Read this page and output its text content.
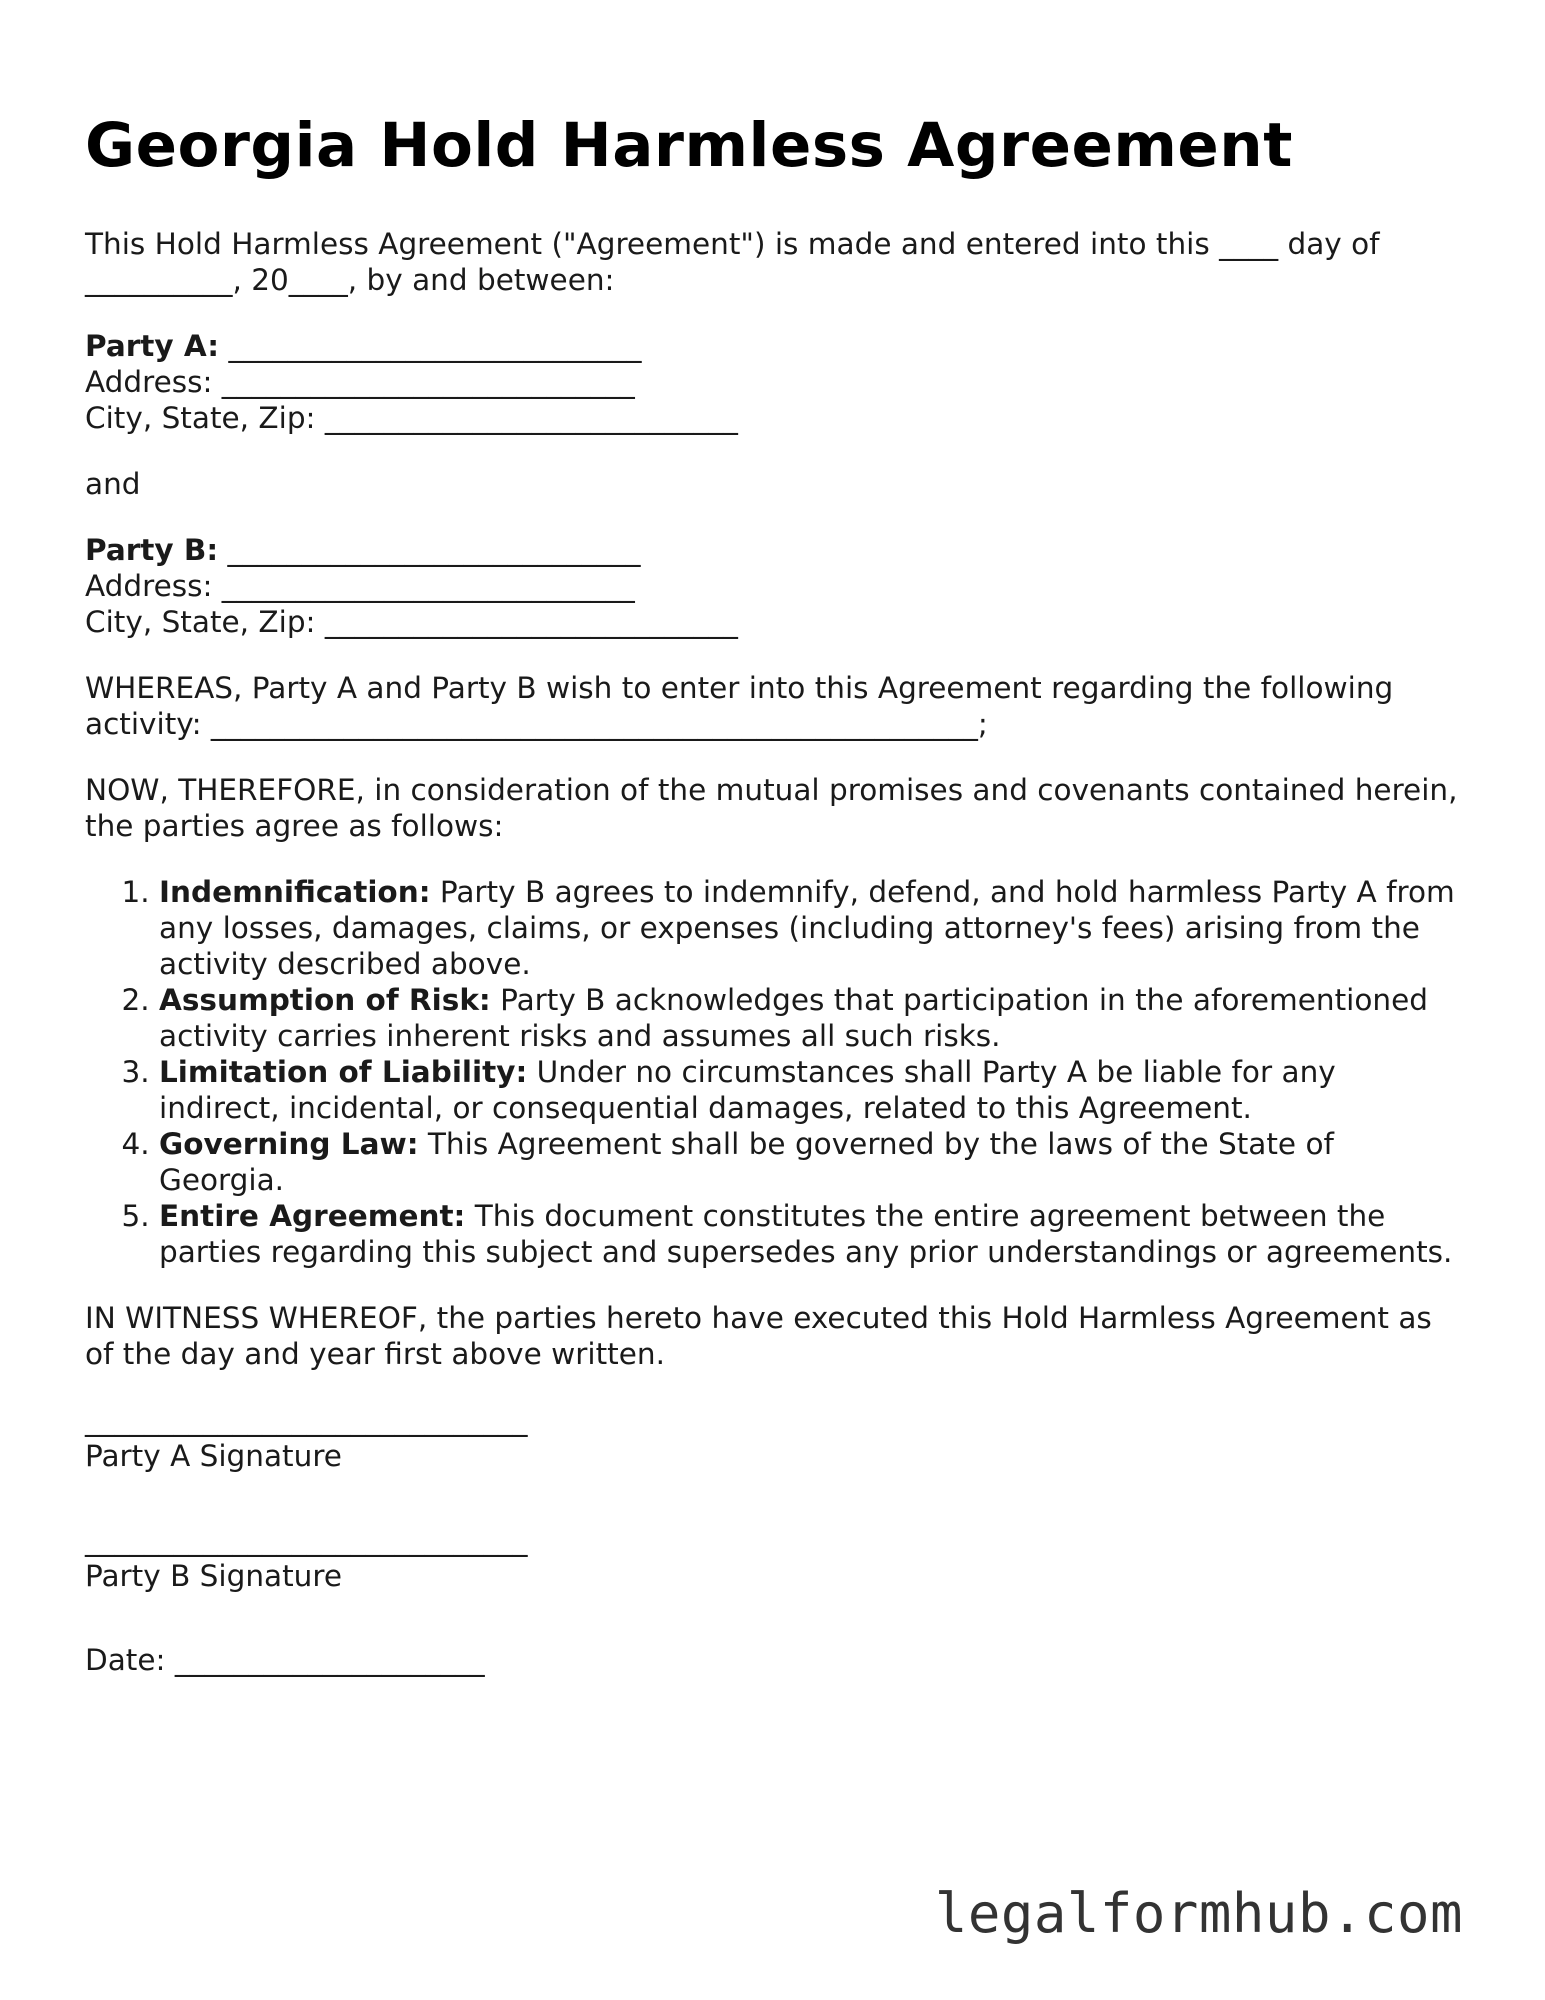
Georgia Hold Harmless Agreement

This Hold Harmless Agreement ("Agreement") is made and entered into this ____ day of __________, 20____, by and between:

Party A: ____________________________
Address: ____________________________
City, State, Zip: ____________________________

and

Party B: ____________________________
Address: ____________________________
City, State, Zip: ____________________________

WHEREAS, Party A and Party B wish to enter into this Agreement regarding the following activity: ____________________________________________________;

NOW, THEREFORE, in consideration of the mutual promises and covenants contained herein, the parties agree as follows:

1. Indemnification: Party B agrees to indemnify, defend, and hold harmless Party A from any losses, damages, claims, or expenses (including attorney's fees) arising from the activity described above.
2. Assumption of Risk: Party B acknowledges that participation in the aforementioned activity carries inherent risks and assumes all such risks.
3. Limitation of Liability: Under no circumstances shall Party A be liable for any indirect, incidental, or consequential damages, related to this Agreement.
4. Governing Law: This Agreement shall be governed by the laws of the State of Georgia.
5. Entire Agreement: This document constitutes the entire agreement between the parties regarding this subject and supersedes any prior understandings or agreements.

IN WITNESS WHEREOF, the parties hereto have executed this Hold Harmless Agreement as of the day and year first above written.

______________________________
Party A Signature
______________________________
Party B Signature

Date: _____________________

legalformhub.com
